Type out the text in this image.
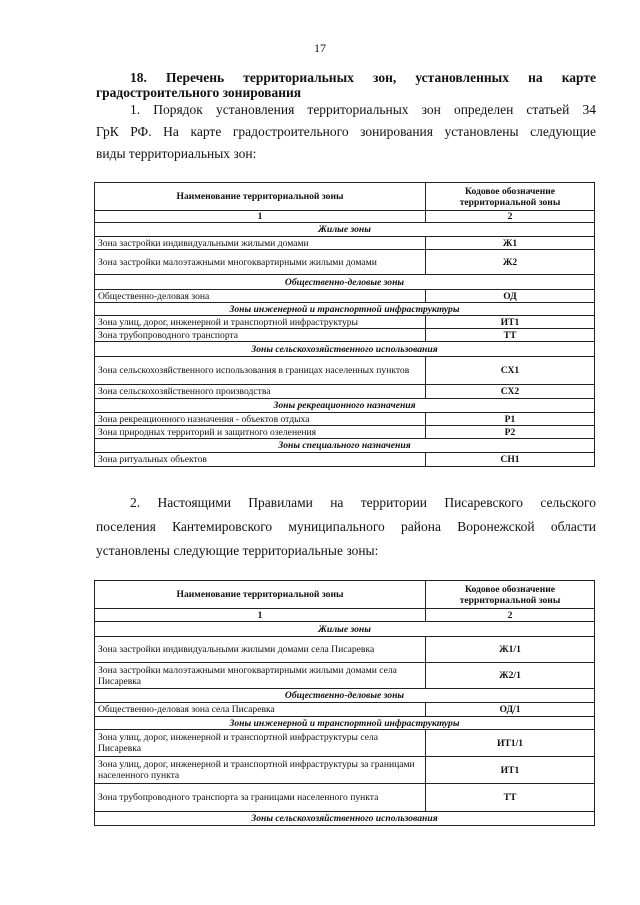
17
18. Перечень территориальных зон, установленных на карте
градостроительного зонирования
1. Порядок установления территориальных зон определен статьей 34
ГрК РФ. На карте градостроительного зонирования установлены следующие
виды территориальных зон:
Наименование территориальной зоны	Кодовое обозначение территориальной зоны
1	2
Жилые зоны	
Зона застройки индивидуальными жилыми домами	Ж1
Зона застройки малоэтажными многоквартирными жилыми домами	Ж2
Общественно-деловые зоны	
Общественно-деловая зона	ОД
Зоны инженерной и транспортной инфраструктуры	
Зона улиц, дорог, инженерной и транспортной инфраструктуры	ИТ1
Зона трубопроводного транспорта	ТТ
Зоны сельскохозяйственного использования	
Зона сельскохозяйственного использования в границах населенных пунктов	СХ1
Зона сельскохозяйственного производства	СХ2
Зоны рекреационного назначения	
Зона рекреационного назначения - объектов отдыха	Р1
Зона природных территорий и защитного озеленения	Р2
Зоны специального назначения	
Зона ритуальных объектов	СН1
2. Настоящими Правилами на территории Писаревского сельского
поселения Кантемировского муниципального района Воронежской области
установлены следующие территориальные зоны:
Наименование территориальной зоны	Кодовое обозначение территориальной зоны
1	2
Жилые зоны	
Зона застройки индивидуальными жилыми домами села Писаревка	Ж1/1
Зона застройки малоэтажными многоквартирными жилыми домами села Писаревка	Ж2/1
Общественно-деловые зоны	
Общественно-деловая зона села Писаревка	ОД/1
Зоны инженерной и транспортной инфраструктуры	
Зона улиц, дорог, инженерной и транспортной инфраструктуры села Писаревка	ИТ1/1
Зона улиц, дорог, инженерной и транспортной инфраструктуры за границами населенного пункта	ИТ1
Зона трубопроводного транспорта за границами населенного пункта	ТТ
Зоны сельскохозяйственного использования	
